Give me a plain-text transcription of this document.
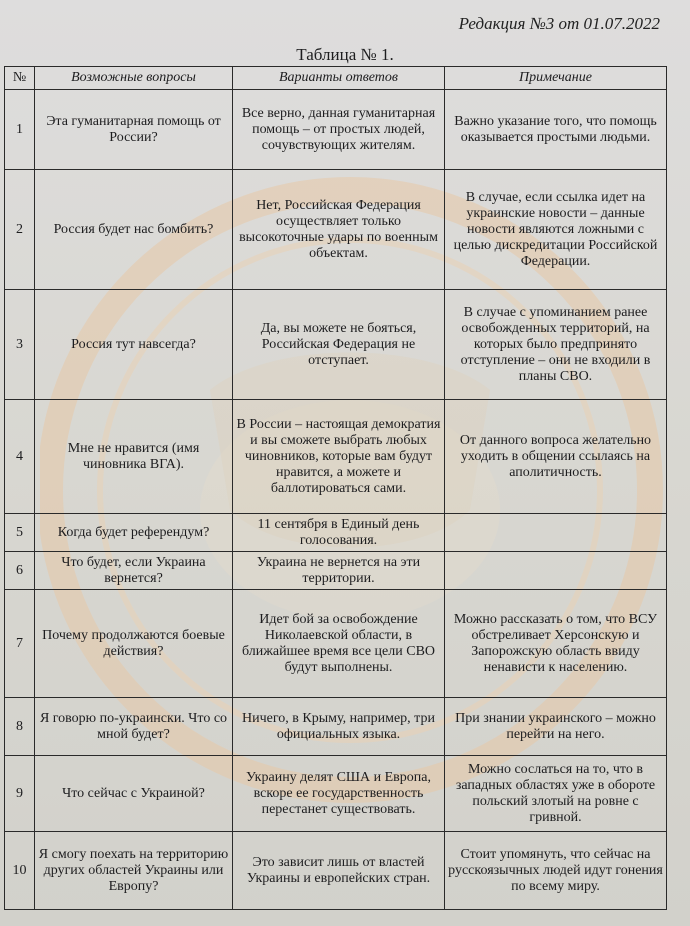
Редакция №3 от 01.07.2022
Таблица № 1.
№	Возможные вопросы	Варианты ответов	Примечание
1	Эта гуманитарная помощь от России?	Все верно, данная гуманитарная помощь – от простых людей, сочувствующих жителям.	Важно указание того, что помощь оказывается простыми людьми.
2	Россия будет нас бомбить?	Нет, Российская Федерация осуществляет только высокоточные удары по военным объектам.	В случае, если ссылка идет на украинские новости – данные новости являются ложными с целью дискредитации Российской Федерации.
3	Россия тут навсегда?	Да, вы можете не бояться, Российская Федерация не отступает.	В случае с упоминанием ранее освобожденных территорий, на которых было предпринято отступление – они не входили в планы СВО.
4	Мне не нравится (имя чиновника ВГА).	В России – настоящая демократия и вы сможете выбрать любых чиновников, которые вам будут нравится, а можете и баллотироваться сами.	От данного вопроса желательно уходить в общении ссылаясь на аполитичность.
5	Когда будет референдум?	11 сентября в Единый день голосования.	
6	Что будет, если Украина вернется?	Украина не вернется на эти территории.	
7	Почему продолжаются боевые действия?	Идет бой за освобождение Николаевской области, в ближайшее время все цели СВО будут выполнены.	Можно рассказать о том, что ВСУ обстреливает Херсонскую и Запорожскую область ввиду ненависти к населению.
8	Я говорю по-украински. Что со мной будет?	Ничего, в Крыму, например, три официальных языка.	При знании украинского – можно перейти на него.
9	Что сейчас с Украиной?	Украину делят США и Европа, вскоре ее государственность перестанет существовать.	Можно сослаться на то, что в западных областях уже в обороте польский злотый на ровне с гривной.
10	Я смогу поехать на территорию других областей Украины или Европу?	Это зависит лишь от властей Украины и европейских стран.	Стоит упомянуть, что сейчас на русскоязычных людей идут гонения по всему миру.
